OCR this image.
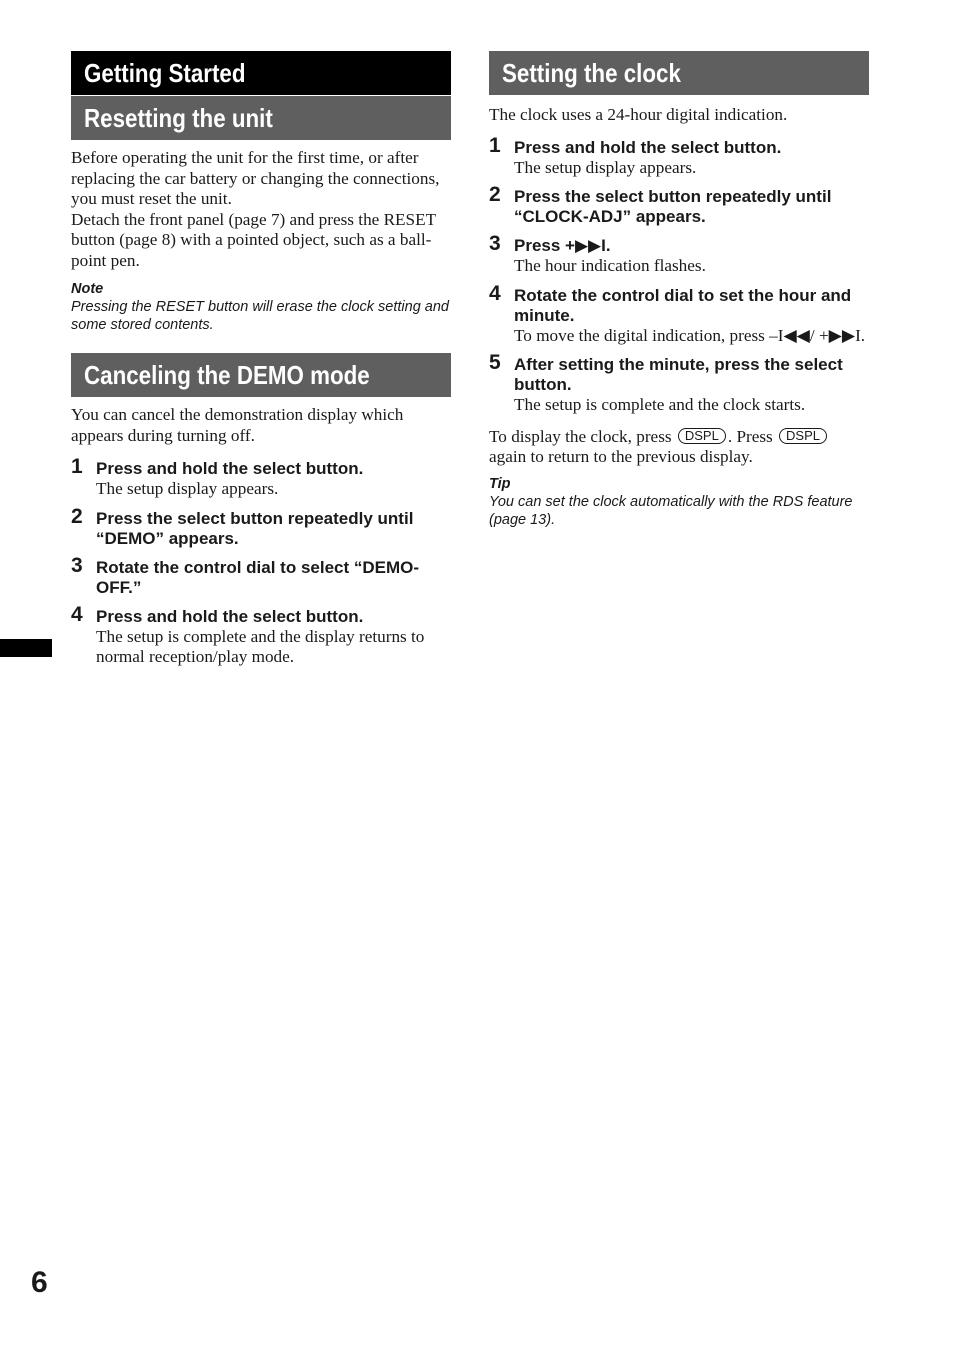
Getting Started
Resetting the unit

Before operating the unit for the first time, or after replacing the car battery or changing the connections, you must reset the unit.

Detach the front panel (page 7) and press the RESET button (page 8) with a pointed object, such as a ball-point pen.

Note

Pressing the RESET button will erase the clock setting and some stored contents.

Canceling the DEMO mode

You can cancel the demonstration display which appears during turning off.

1 Press and hold the select button.
The setup display appears.
2 Press the select button repeatedly until “DEMO” appears.
3 Rotate the control dial to select “DEMO-OFF.”
4 Press and hold the select button.
The setup is complete and the display returns to normal reception/play mode.
Setting the clock

The clock uses a 24-hour digital indication.

1 Press and hold the select button.
The setup display appears.
2 Press the select button repeatedly until “CLOCK-ADJ” appears.
3 Press +▶▶I.
The hour indication flashes.
4 Rotate the control dial to set the hour and minute.
To move the digital indication, press –I◀◀/ +▶▶I.
5 After setting the minute, press the select button.
The setup is complete and the clock starts.

To display the clock, press DSPL . Press DSPL again to return to the previous display.

Tip

You can set the clock automatically with the RDS feature (page 13).

6
